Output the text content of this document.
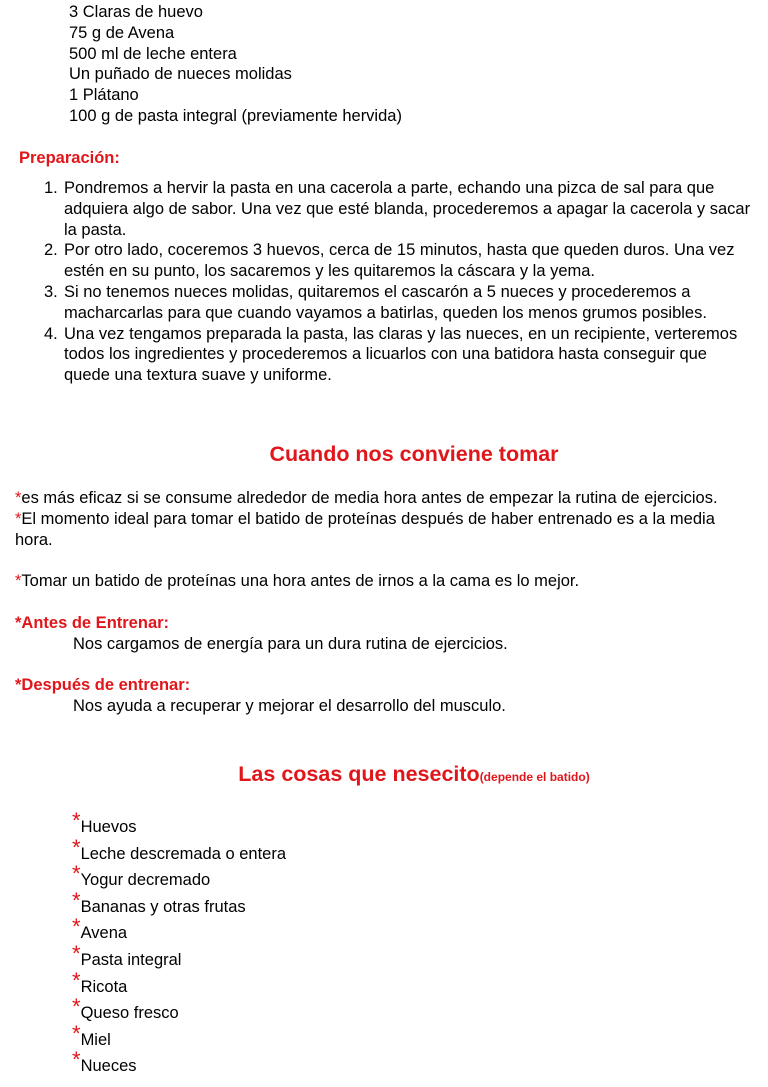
3 Claras de huevo
75 g de Avena
500 ml de leche entera
Un puñado de nueces molidas
1 Plátano
100 g de pasta integral (previamente hervida)

Preparación:

1. Pondremos a hervir la pasta en una cacerola a parte, echando una pizca de sal para que adquiera algo de sabor. Una vez que esté blanda, procederemos a apagar la cacerola y sacar la pasta.
2. Por otro lado, coceremos 3 huevos, cerca de 15 minutos, hasta que queden duros. Una vez estén en su punto, los sacaremos y les quitaremos la cáscara y la yema.
3. Si no tenemos nueces molidas, quitaremos el cascarón a 5 nueces y procederemos a macharcarlas para que cuando vayamos a batirlas, queden los menos grumos posibles.
4. Una vez tengamos preparada la pasta, las claras y las nueces, en un recipiente, verteremos todos los ingredientes y procederemos a licuarlos con una batidora hasta conseguir que quede una textura suave y uniforme.
Cuando nos conviene tomar

*es más eficaz si se consume alrededor de media hora antes de empezar la rutina de ejercicios.

*El momento ideal para tomar el batido de proteínas después de haber entrenado es a la media hora.

*Tomar un batido de proteínas una hora antes de irnos a la cama es lo mejor.

*Antes de Entrenar:

Nos cargamos de energía para un dura rutina de ejercicios.

*Después de entrenar:

Nos ayuda a recuperar y mejorar el desarrollo del musculo.

Las cosas que nesecito(depende el batido)
*Huevos
*Leche descremada o entera
*Yogur decremado
*Bananas y otras frutas
*Avena
*Pasta integral
*Ricota
*Queso fresco
*Miel
*Nueces
